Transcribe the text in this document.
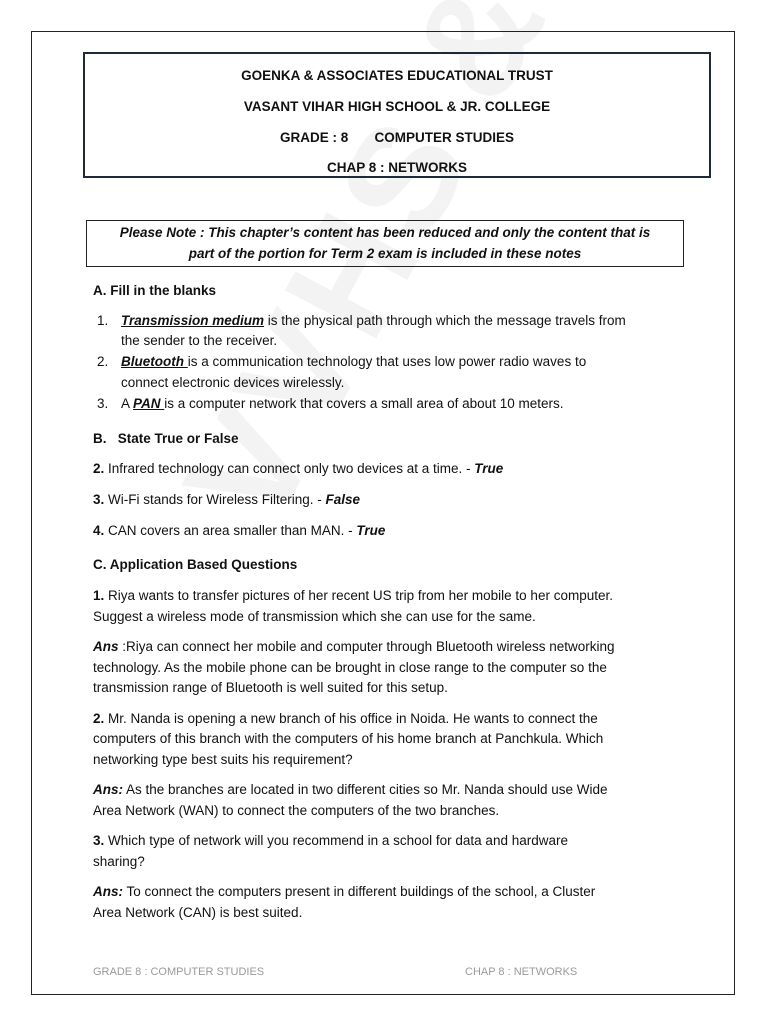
GOENKA & ASSOCIATES EDUCATIONAL TRUST
VASANT VIHAR HIGH SCHOOL & JR. COLLEGE
GRADE : 8       COMPUTER STUDIES
CHAP 8 : NETWORKS
Please Note : This chapter’s content has been reduced and only the content that is
part of the portion for Term 2 exam is included in these notes
A. Fill in the blanks
1. Transmission medium is the physical path through which the message travels from
the sender to the receiver.
2. Bluetooth is a communication technology that uses low power radio waves to
connect electronic devices wirelessly.
3. A PAN is a computer network that covers a small area of about 10 meters.
B.   State True or False
2. Infrared technology can connect only two devices at a time. - True
3. Wi-Fi stands for Wireless Filtering. - False
4. CAN covers an area smaller than MAN. - True
C. Application Based Questions
1. Riya wants to transfer pictures of her recent US trip from her mobile to her computer.
Suggest a wireless mode of transmission which she can use for the same.
Ans :Riya can connect her mobile and computer through Bluetooth wireless networking
technology. As the mobile phone can be brought in close range to the computer so the
transmission range of Bluetooth is well suited for this setup.
2. Mr. Nanda is opening a new branch of his office in Noida. He wants to connect the
computers of this branch with the computers of his home branch at Panchkula. Which
networking type best suits his requirement?
Ans: As the branches are located in two different cities so Mr. Nanda should use Wide
Area Network (WAN) to connect the computers of the two branches.
3. Which type of network will you recommend in a school for data and hardware
sharing?
Ans: To connect the computers present in different buildings of the school, a Cluster
Area Network (CAN) is best suited.
GRADE 8 : COMPUTER STUDIES	CHAP 8 : NETWORKS
